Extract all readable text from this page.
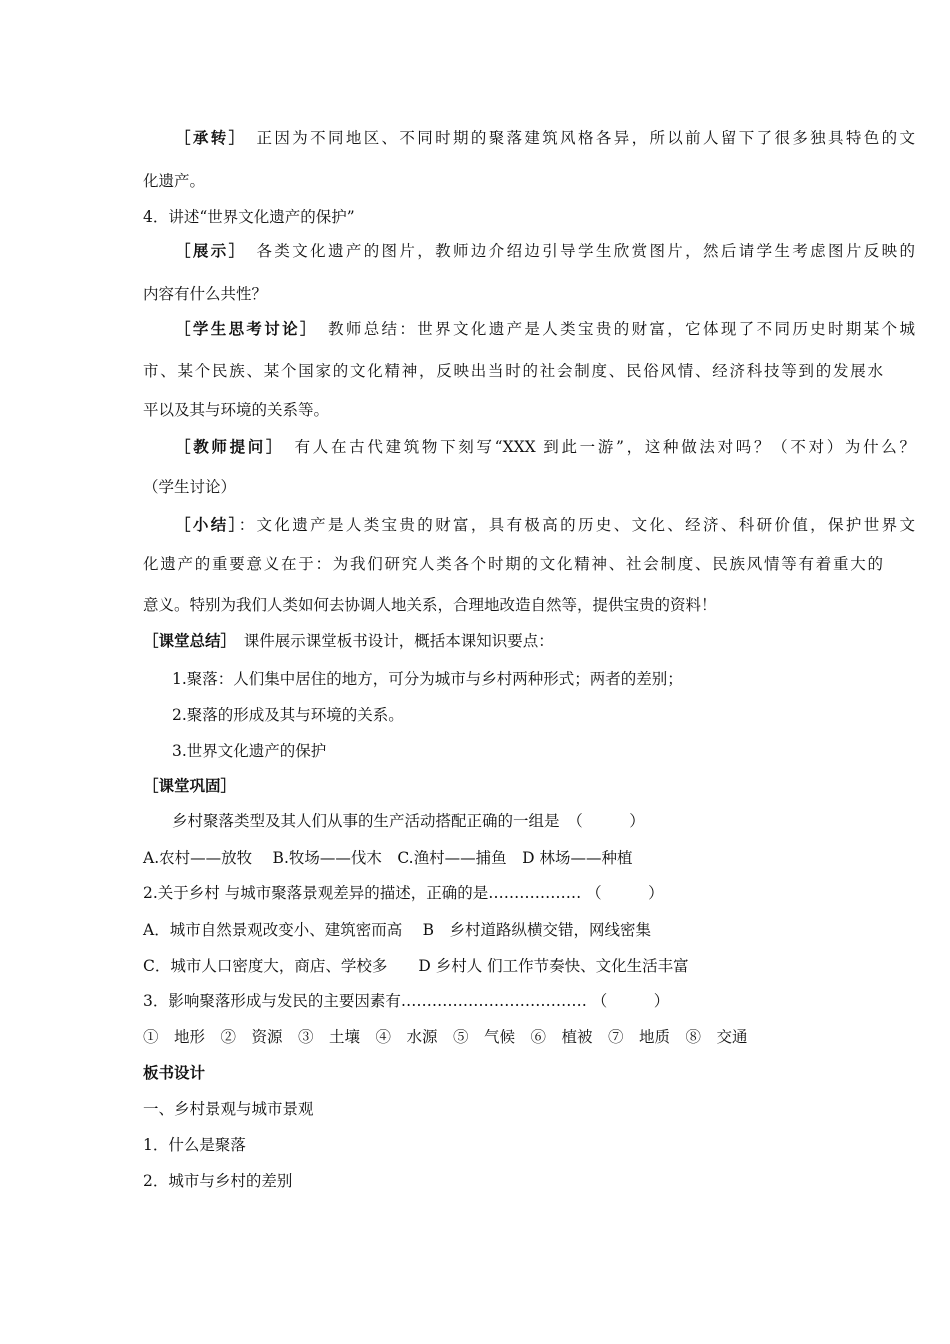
［承转］　正因为不同地区、不同时期的聚落建筑风格各异，所以前人留下了很多独具特色的文
化遗产。
4．讲述“世界文化遗产的保护”
［展示］　各类文化遗产的图片，教师边介绍边引导学生欣赏图片，然后请学生考虑图片反映的
内容有什么共性？
［学生思考讨论］　教师总结：世界文化遗产是人类宝贵的财富，它体现了不同历史时期某个城
市、某个民族、某个国家的文化精神，反映出当时的社会制度、民俗风情、经济科技等到的发展水
平以及其与环境的关系等。
［教师提问］　有人在古代建筑物下刻写“XXX 到此一游”，这种做法对吗？（不对）为什么？
（学生讨论）
［小结］：文化遗产是人类宝贵的财富，具有极高的历史、文化、经济、科研价值，保护世界文
化遗产的重要意义在于：为我们研究人类各个时期的文化精神、社会制度、民族风情等有着重大的
意义。特别为我们人类如何去协调人地关系，合理地改造自然等，提供宝贵的资料！
［课堂总结］　课件展示课堂板书设计，概括本课知识要点：
1.聚落：人们集中居住的地方，可分为城市与乡村两种形式；两者的差别；
2.聚落的形成及其与环境的关系。
3.世界文化遗产的保护
［课堂巩固］
乡村聚落类型及其人们从事的生产活动搭配正确的一组是　（　　　）
A.农村——放牧　 B.牧场——伐木　C.渔村——捕鱼　D 林场——种植
2.关于乡村 与城市聚落景观差异的描述，正确的是……………… （　　　）
A．城市自然景观改变小、建筑密而高　 B　乡村道路纵横交错，网线密集
C．城市人口密度大，商店、学校多　　D 乡村人 们工作节奏快、文化生活丰富
3．影响聚落形成与发民的主要因素有……………………………… （　　　）
①　地形　②　资源　③　土壤　④　水源　⑤　气候　⑥　植被　⑦　地质　⑧　交通
板书设计
一、乡村景观与城市景观
1．什么是聚落
2．城市与乡村的差别
